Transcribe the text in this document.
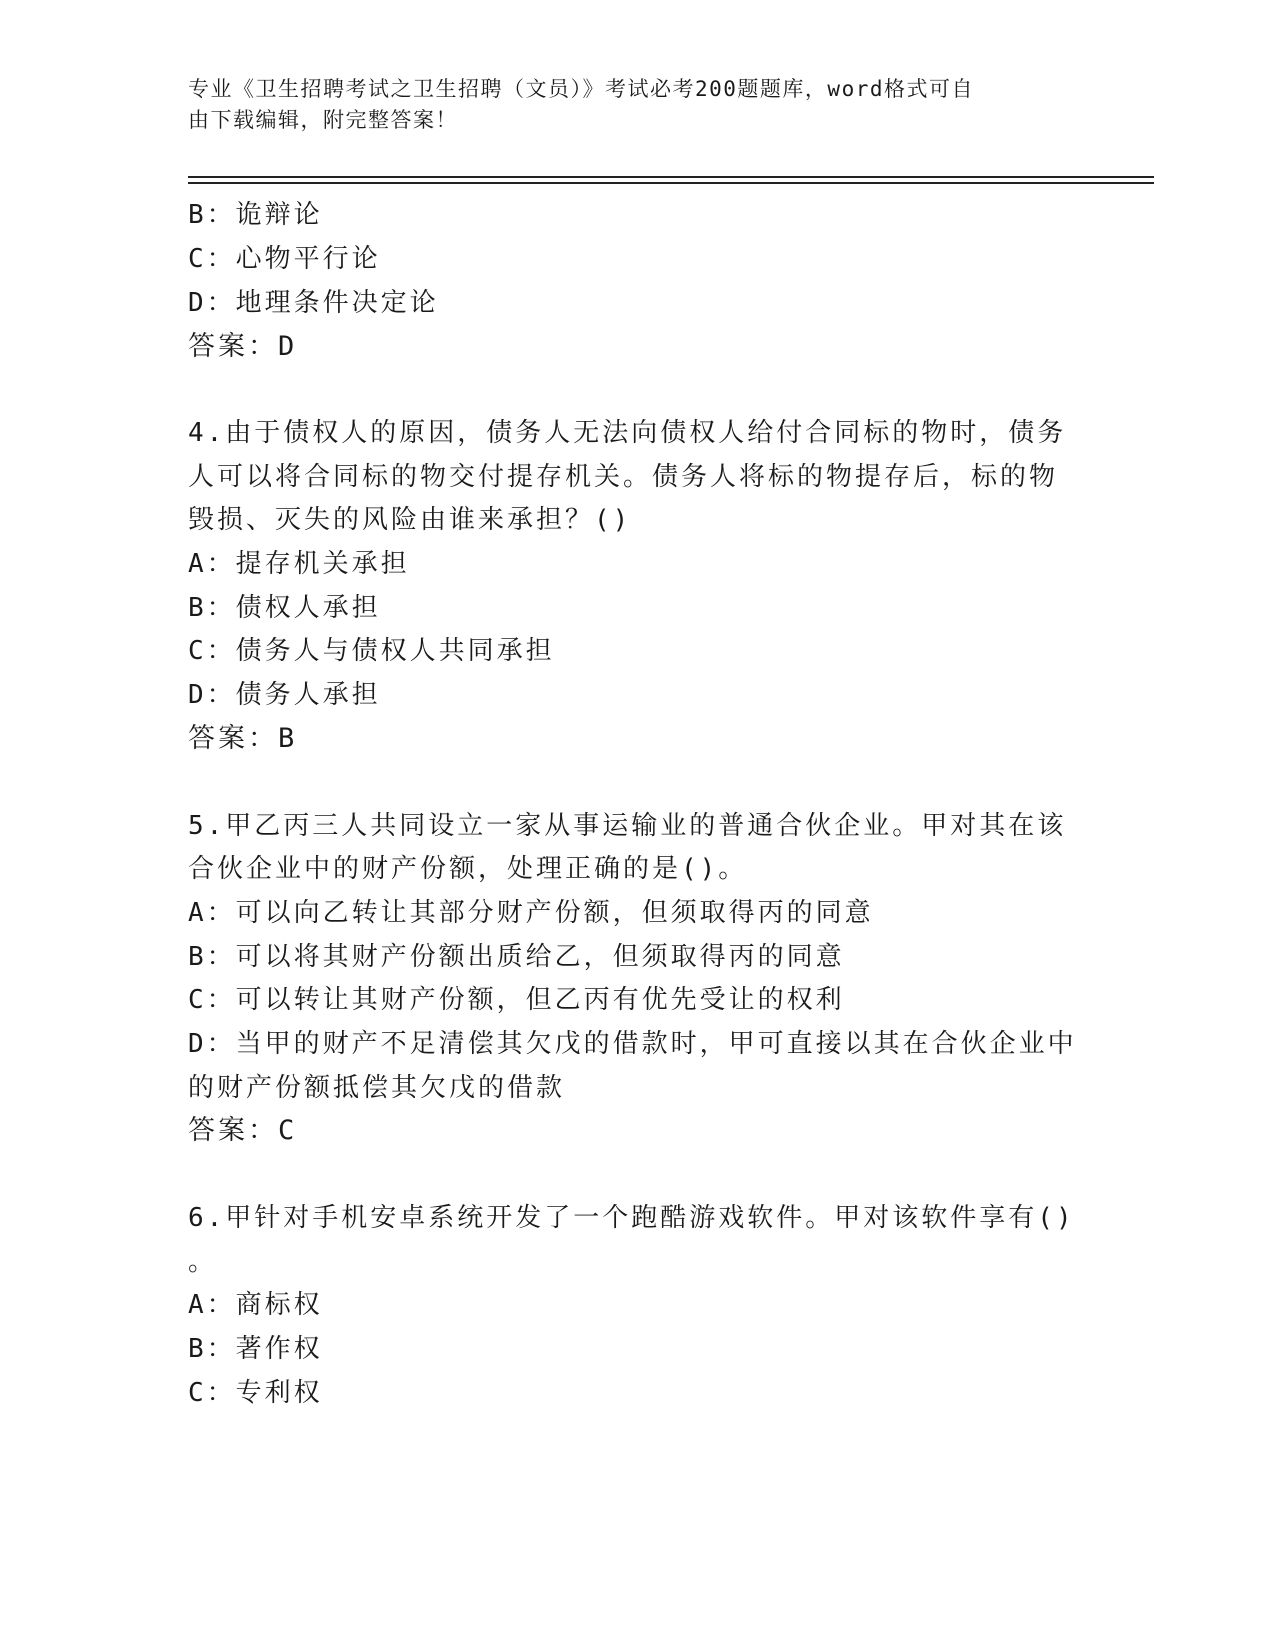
专业《卫生招聘考试之卫生招聘（文员）》考试必考200题题库，word格式可自
由下载编辑，附完整答案！
B：诡辩论
C：心物平行论
D：地理条件决定论
答案：D
4.由于债权人的原因，债务人无法向债权人给付合同标的物时，债务
人可以将合同标的物交付提存机关。债务人将标的物提存后，标的物
毁损、灭失的风险由谁来承担？()
A：提存机关承担
B：债权人承担
C：债务人与债权人共同承担
D：债务人承担
答案：B
5.甲乙丙三人共同设立一家从事运输业的普通合伙企业。甲对其在该
合伙企业中的财产份额，处理正确的是()。
A：可以向乙转让其部分财产份额，但须取得丙的同意
B：可以将其财产份额出质给乙，但须取得丙的同意
C：可以转让其财产份额，但乙丙有优先受让的权利
D：当甲的财产不足清偿其欠戊的借款时，甲可直接以其在合伙企业中
的财产份额抵偿其欠戊的借款
答案：C
6.甲针对手机安卓系统开发了一个跑酷游戏软件。甲对该软件享有()
。
A：商标权
B：著作权
C：专利权
